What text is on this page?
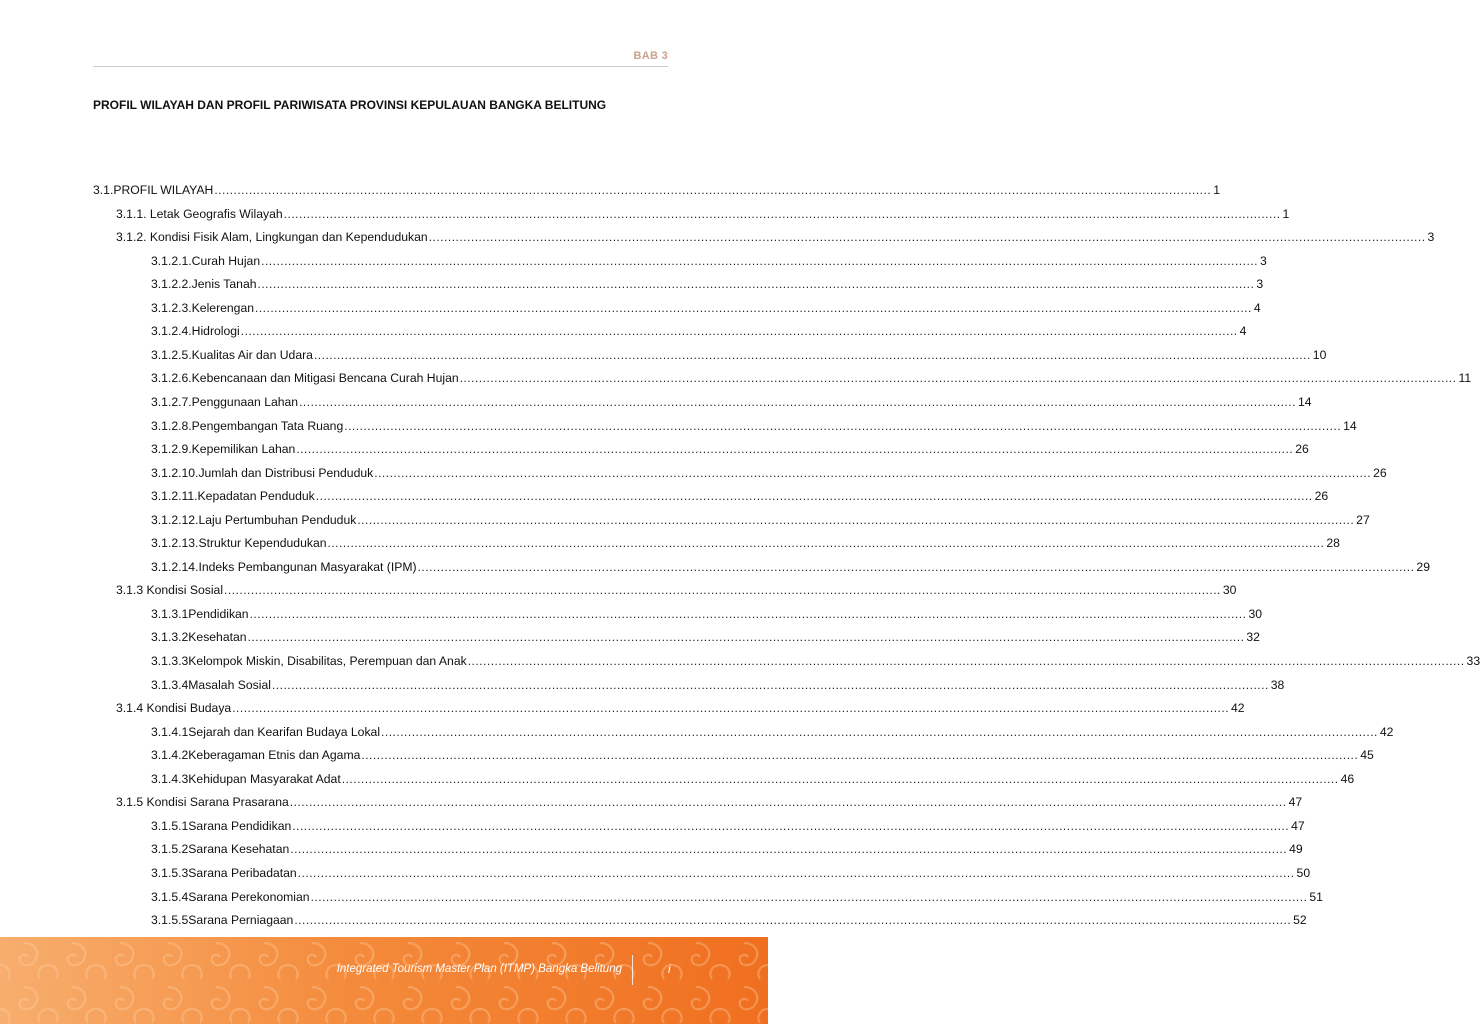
BAB 3
PROFIL WILAYAH DAN PROFIL PARIWISATA PROVINSI KEPULAUAN BANGKA BELITUNG
3.1. PROFIL WILAYAH .................................................................................................................................................................................................................................................................... 1
3.1.1. Letak Geografis Wilayah .................................................................................................................................................................................................................................................................... 1
3.1.2. Kondisi Fisik Alam, Lingkungan dan Kependudukan .................................................................................................................................................................................................................................................................... 3
3.1.2.1. Curah Hujan .................................................................................................................................................................................................................................................................... 3
3.1.2.2. Jenis Tanah .................................................................................................................................................................................................................................................................... 3
3.1.2.3. Kelerengan .................................................................................................................................................................................................................................................................... 4
3.1.2.4. Hidrologi .................................................................................................................................................................................................................................................................... 4
3.1.2.5. Kualitas Air dan Udara .................................................................................................................................................................................................................................................................... 10
3.1.2.6. Kebencanaan dan Mitigasi Bencana Curah Hujan .................................................................................................................................................................................................................................................................... 11
3.1.2.7. Penggunaan Lahan .................................................................................................................................................................................................................................................................... 14
3.1.2.8. Pengembangan Tata Ruang .................................................................................................................................................................................................................................................................... 14
3.1.2.9. Kepemilikan Lahan .................................................................................................................................................................................................................................................................... 26
3.1.2.10. Jumlah dan Distribusi Penduduk .................................................................................................................................................................................................................................................................... 26
3.1.2.11. Kepadatan Penduduk .................................................................................................................................................................................................................................................................... 26
3.1.2.12. Laju Pertumbuhan Penduduk .................................................................................................................................................................................................................................................................... 27
3.1.2.13. Struktur Kependudukan .................................................................................................................................................................................................................................................................... 28
3.1.2.14. Indeks Pembangunan Masyarakat (IPM) .................................................................................................................................................................................................................................................................... 29
3.1.3 Kondisi Sosial .................................................................................................................................................................................................................................................................... 30
3.1.3.1 Pendidikan .................................................................................................................................................................................................................................................................... 30
3.1.3.2 Kesehatan .................................................................................................................................................................................................................................................................... 32
3.1.3.3 Kelompok Miskin, Disabilitas, Perempuan dan Anak .................................................................................................................................................................................................................................................................... 33
3.1.3.4 Masalah Sosial .................................................................................................................................................................................................................................................................... 38
3.1.4 Kondisi Budaya .................................................................................................................................................................................................................................................................... 42
3.1.4.1 Sejarah dan Kearifan Budaya Lokal .................................................................................................................................................................................................................................................................... 42
3.1.4.2 Keberagaman Etnis dan Agama .................................................................................................................................................................................................................................................................... 45
3.1.4.3 Kehidupan Masyarakat Adat .................................................................................................................................................................................................................................................................... 46
3.1.5 Kondisi Sarana Prasarana .................................................................................................................................................................................................................................................................... 47
3.1.5.1 Sarana Pendidikan .................................................................................................................................................................................................................................................................... 47
3.1.5.2 Sarana Kesehatan .................................................................................................................................................................................................................................................................... 49
3.1.5.3 Sarana Peribadatan .................................................................................................................................................................................................................................................................... 50
3.1.5.4 Sarana Perekonomian .................................................................................................................................................................................................................................................................... 51
3.1.5.5 Sarana Perniagaan .................................................................................................................................................................................................................................................................... 52
Integrated Tourism Master Plan (ITMP) Bangka Belitung	i
